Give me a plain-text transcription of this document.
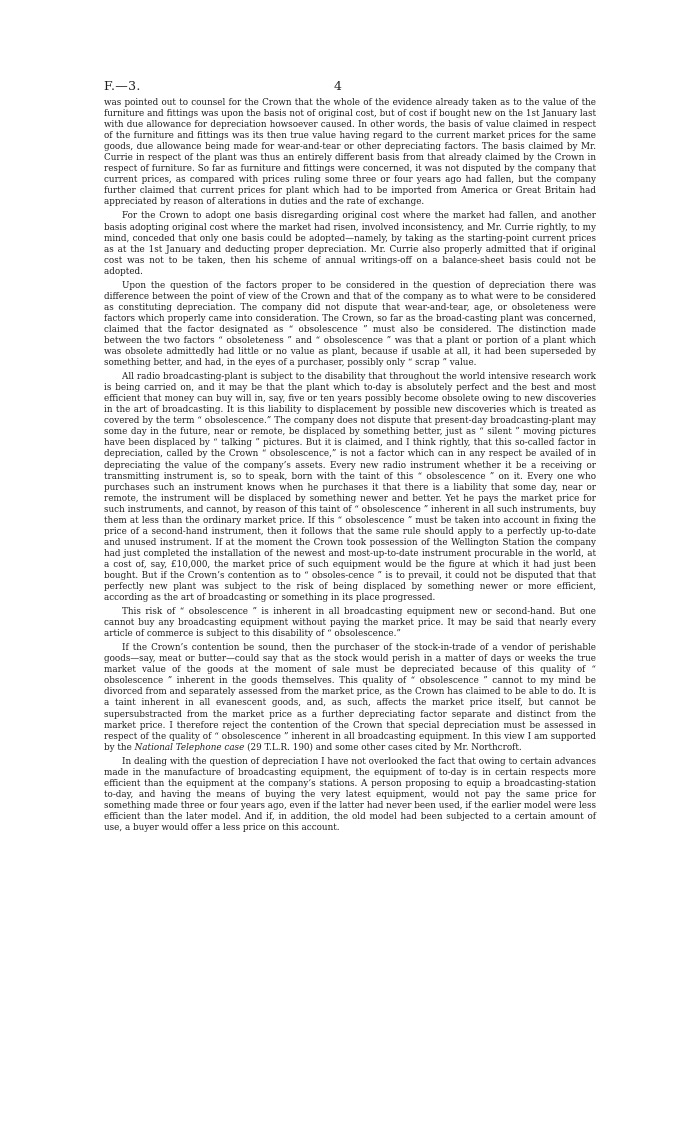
F.—3.	4

was pointed out to counsel for the Crown that the whole of the evidence already taken as to the value of the furniture and fittings was upon the basis not of original cost, but of cost if bought new on the 1st January last with due allowance for depreciation howsoever caused. In other words, the basis of value claimed in respect of the furniture and fittings was its then true value having regard to the current market prices for the same goods, due allowance being made for wear-and-tear or other depreciating factors. The basis claimed by Mr. Currie in respect of the plant was thus an entirely different basis from that already claimed by the Crown in respect of furniture. So far as furniture and fittings were concerned, it was not disputed by the company that current prices, as compared with prices ruling some three or four years ago had fallen, but the company further claimed that current prices for plant which had to be imported from America or Great Britain had appreciated by reason of alterations in duties and the rate of exchange.

For the Crown to adopt one basis disregarding original cost where the market had fallen, and another basis adopting original cost where the market had risen, involved inconsistency, and Mr. Currie rightly, to my mind, conceded that only one basis could be adopted—namely, by taking as the starting-point current prices as at the 1st January and deducting proper depreciation. Mr. Currie also properly admitted that if original cost was not to be taken, then his scheme of annual writings-off on a balance-sheet basis could not be adopted.

Upon the question of the factors proper to be considered in the question of depreciation there was difference between the point of view of the Crown and that of the company as to what were to be considered as constituting depreciation. The company did not dispute that wear-and-tear, age, or obsoleteness were factors which properly came into consideration. The Crown, so far as the broad-casting plant was concerned, claimed that the factor designated as “ obsolescence ” must also be considered. The distinction made between the two factors “ obsoleteness ” and “ obsolescence ” was that a plant or portion of a plant which was obsolete admittedly had little or no value as plant, because if usable at all, it had been superseded by something better, and had, in the eyes of a purchaser, possibly only “ scrap ” value.

All radio broadcasting-plant is subject to the disability that throughout the world intensive research work is being carried on, and it may be that the plant which to-day is absolutely perfect and the best and most efficient that money can buy will in, say, five or ten years possibly become obsolete owing to new discoveries in the art of broadcasting. It is this liability to displacement by possible new discoveries which is treated as covered by the term “ obsolescence.” The company does not dispute that present-day broadcasting-plant may some day in the future, near or remote, be displaced by something better, just as “ silent ” moving pictures have been displaced by “ talking ” pictures. But it is claimed, and I think rightly, that this so-called factor in depreciation, called by the Crown “ obsolescence,” is not a factor which can in any respect be availed of in depreciating the value of the company’s assets. Every new radio instrument whether it be a receiving or transmitting instrument is, so to speak, born with the taint of this “ obsolescence ” on it. Every one who purchases such an instrument knows when he purchases it that there is a liability that some day, near or remote, the instrument will be displaced by something newer and better. Yet he pays the market price for such instruments, and cannot, by reason of this taint of “ obsolescence ” inherent in all such instruments, buy them at less than the ordinary market price. If this “ obsolescence ” must be taken into account in fixing the price of a second-hand instrument, then it follows that the same rule should apply to a perfectly up-to-date and unused instrument. If at the moment the Crown took possession of the Wellington Station the company had just completed the installation of the newest and most-up-to-date instrument procurable in the world, at a cost of, say, £10,000, the market price of such equipment would be the figure at which it had just been bought. But if the Crown’s contention as to “ obsoles-cence ” is to prevail, it could not be disputed that that perfectly new plant was subject to the risk of being displaced by something newer or more efficient, according as the art of broadcasting or something in its place progressed.

This risk of “ obsolescence ” is inherent in all broadcasting equipment new or second-hand. But one cannot buy any broadcasting equipment without paying the market price. It may be said that nearly every article of commerce is subject to this disability of “ obsolescence.”

If the Crown’s contention be sound, then the purchaser of the stock-in-trade of a vendor of perishable goods—say, meat or butter—could say that as the stock would perish in a matter of days or weeks the true market value of the goods at the moment of sale must be depreciated because of this quality of “ obsolescence ” inherent in the goods themselves. This quality of “ obsolescence ” cannot to my mind be divorced from and separately assessed from the market price, as the Crown has claimed to be able to do. It is a taint inherent in all evanescent goods, and, as such, affects the market price itself, but cannot be supersubstracted from the market price as a further depreciating factor separate and distinct from the market price. I therefore reject the contention of the Crown that special depreciation must be assessed in respect of the quality of “ obsolescence ” inherent in all broadcasting equipment. In this view I am supported by the National Telephone case (29 T.L.R. 190) and some other cases cited by Mr. Northcroft.

In dealing with the question of depreciation I have not overlooked the fact that owing to certain advances made in the manufacture of broadcasting equipment, the equipment of to-day is in certain respects more efficient than the equipment at the company’s stations. A person proposing to equip a broadcasting-station to-day, and having the means of buying the very latest equipment, would not pay the same price for something made three or four years ago, even if the latter had never been used, if the earlier model were less efficient than the later model. And if, in addition, the old model had been subjected to a certain amount of use, a buyer would offer a less price on this account.
